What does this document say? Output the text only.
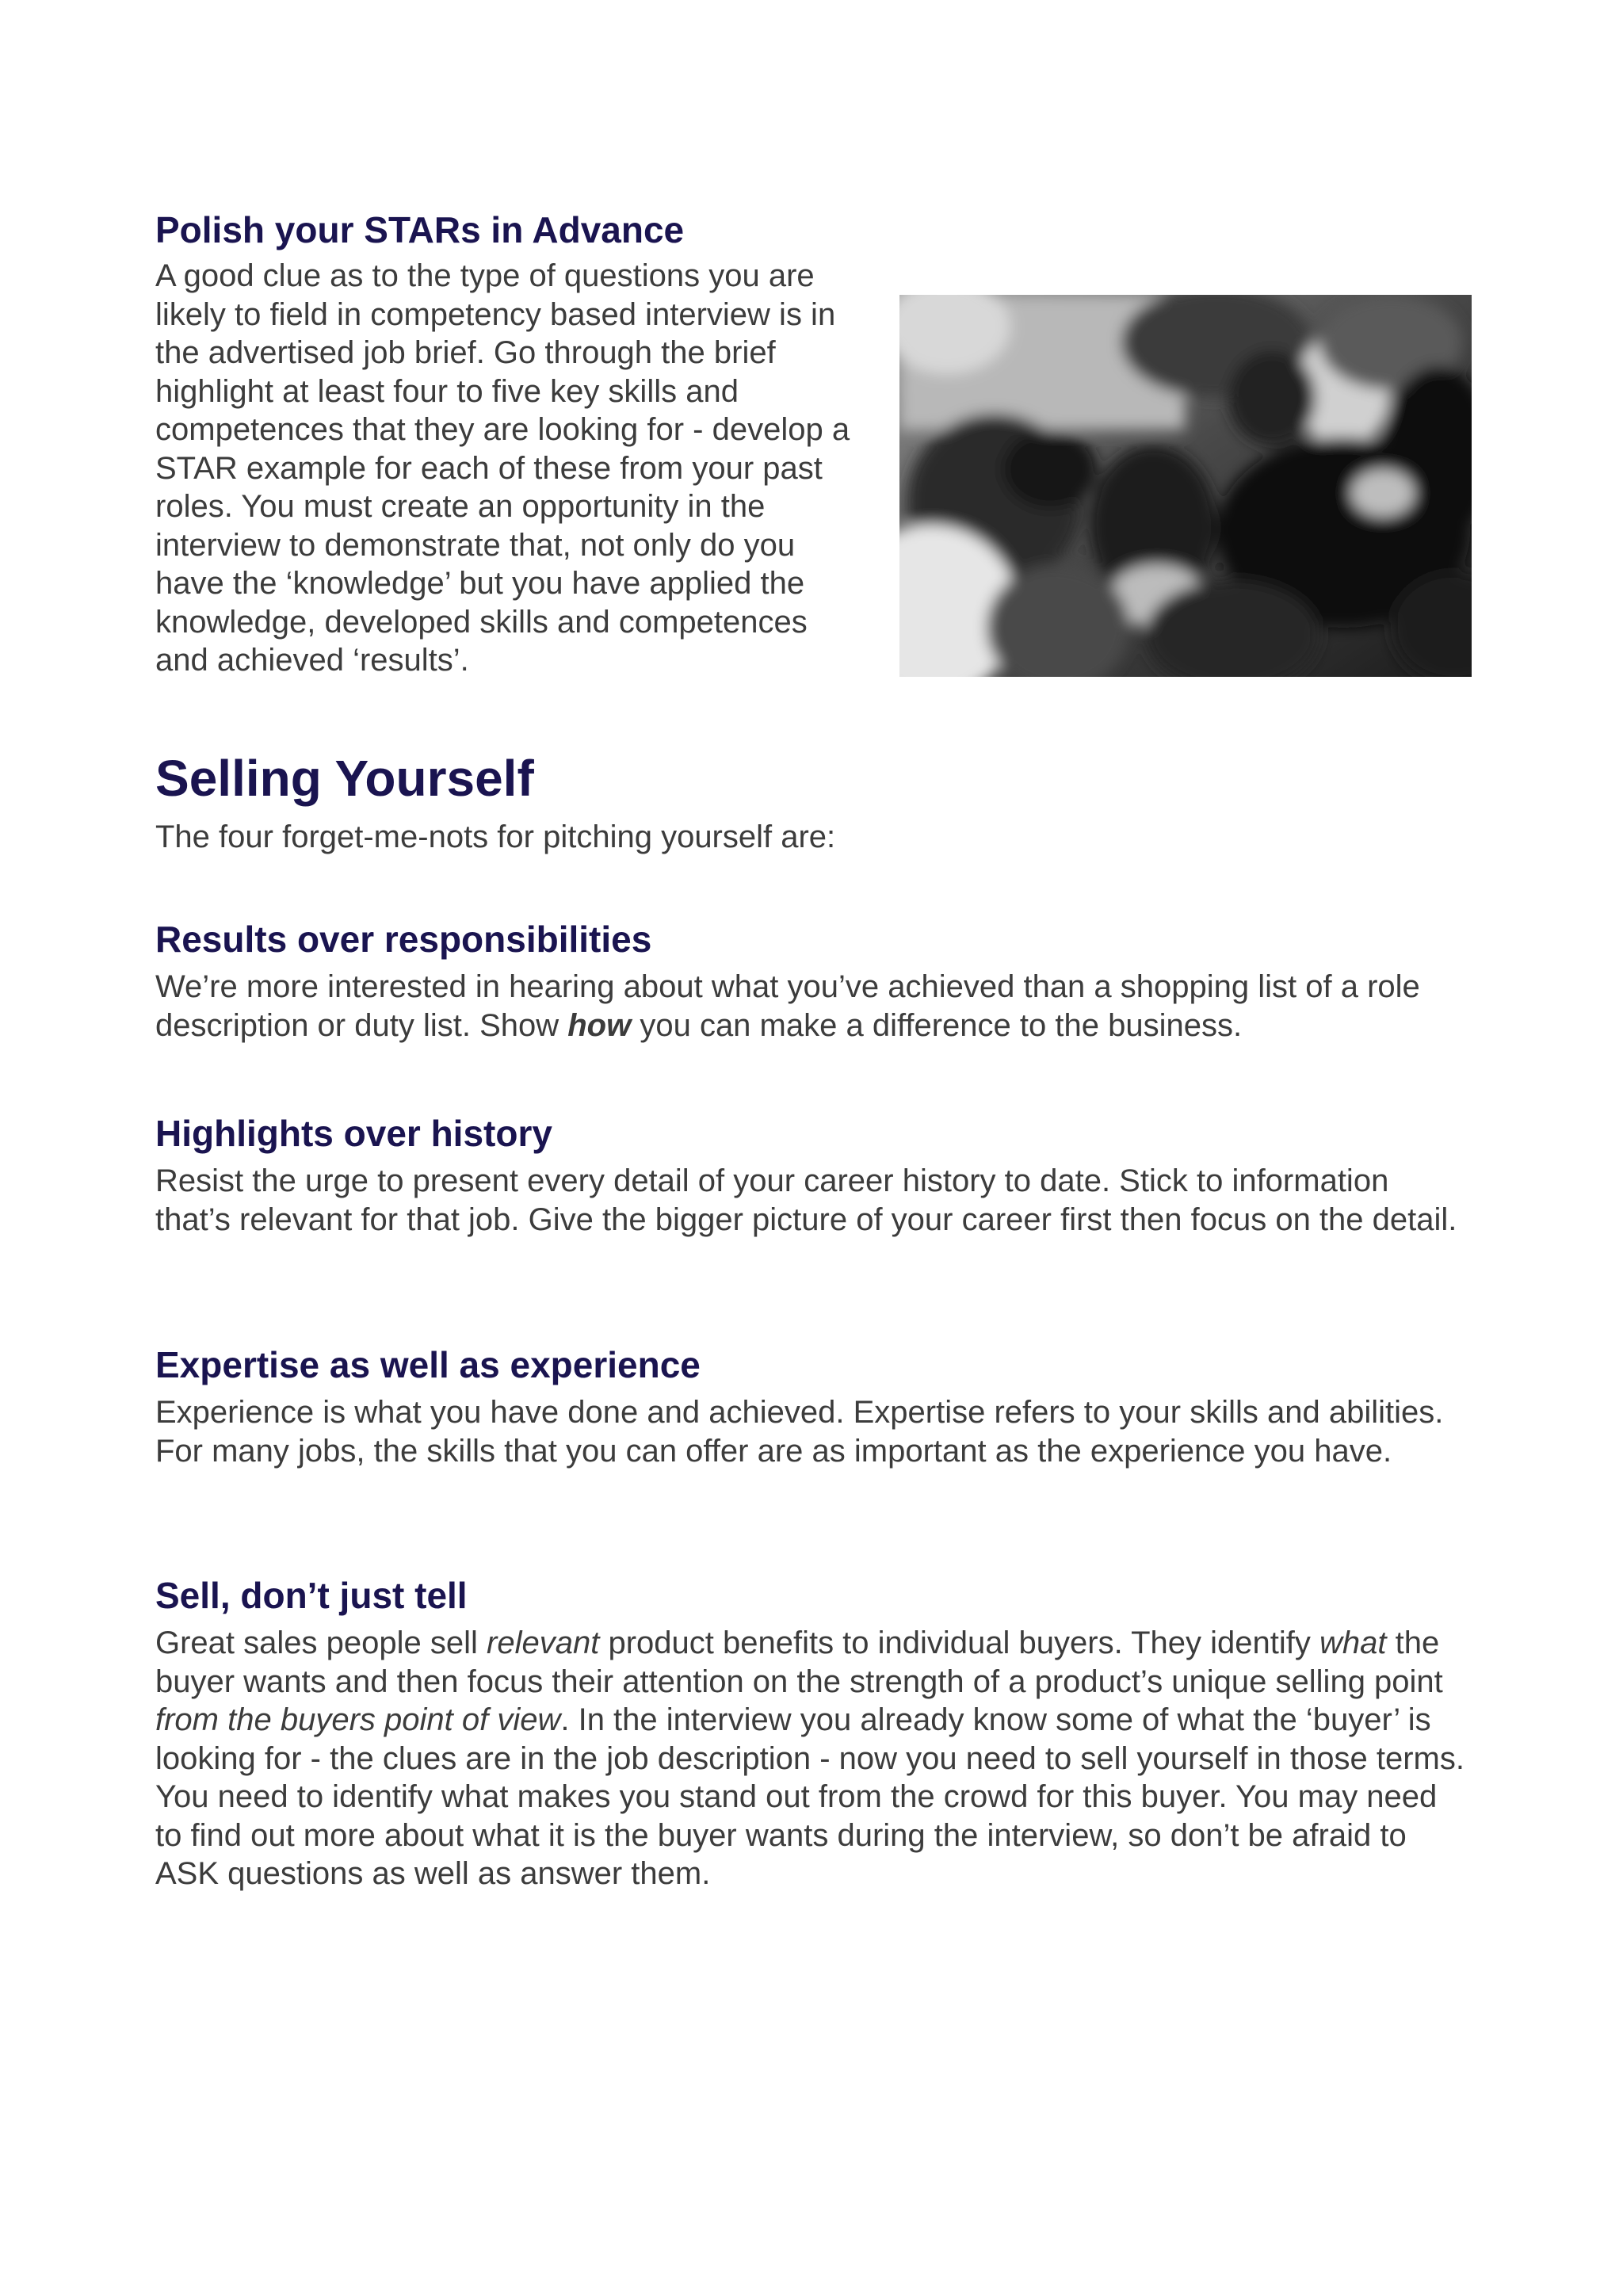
Polish your STARs in Advance

A good clue as to the type of questions you are likely to field in competency based interview is in the advertised job brief. Go through the brief highlight at least four to five key skills and competences that they are looking for - develop a STAR example for each of these from your past roles. You must create an opportunity in the interview to demonstrate that, not only do you have the ‘knowledge’ but you have applied the knowledge, developed skills and competences and achieved ‘results’.

Selling Yourself

The four forget-me-nots for pitching yourself are:

Results over responsibilities

We’re more interested in hearing about what you’ve achieved than a shopping list of a role description or duty list. Show how you can make a difference to the business.

Highlights over history

Resist the urge to present every detail of your career history to date. Stick to information that’s relevant for that job. Give the bigger picture of your career first then focus on the detail.

Expertise as well as experience

Experience is what you have done and achieved. Expertise refers to your skills and abilities. For many jobs, the skills that you can offer are as important as the experience you have.

Sell, don’t just tell

Great sales people sell relevant product benefits to individual buyers. They identify what the buyer wants and then focus their attention on the strength of a product’s unique selling point from the buyers point of view. In the interview you already know some of what the ‘buyer’ is looking for - the clues are in the job description - now you need to sell yourself in those terms. You need to identify what makes you stand out from the crowd for this buyer. You may need to find out more about what it is the buyer wants during the interview, so don’t be afraid to ASK questions as well as answer them.
